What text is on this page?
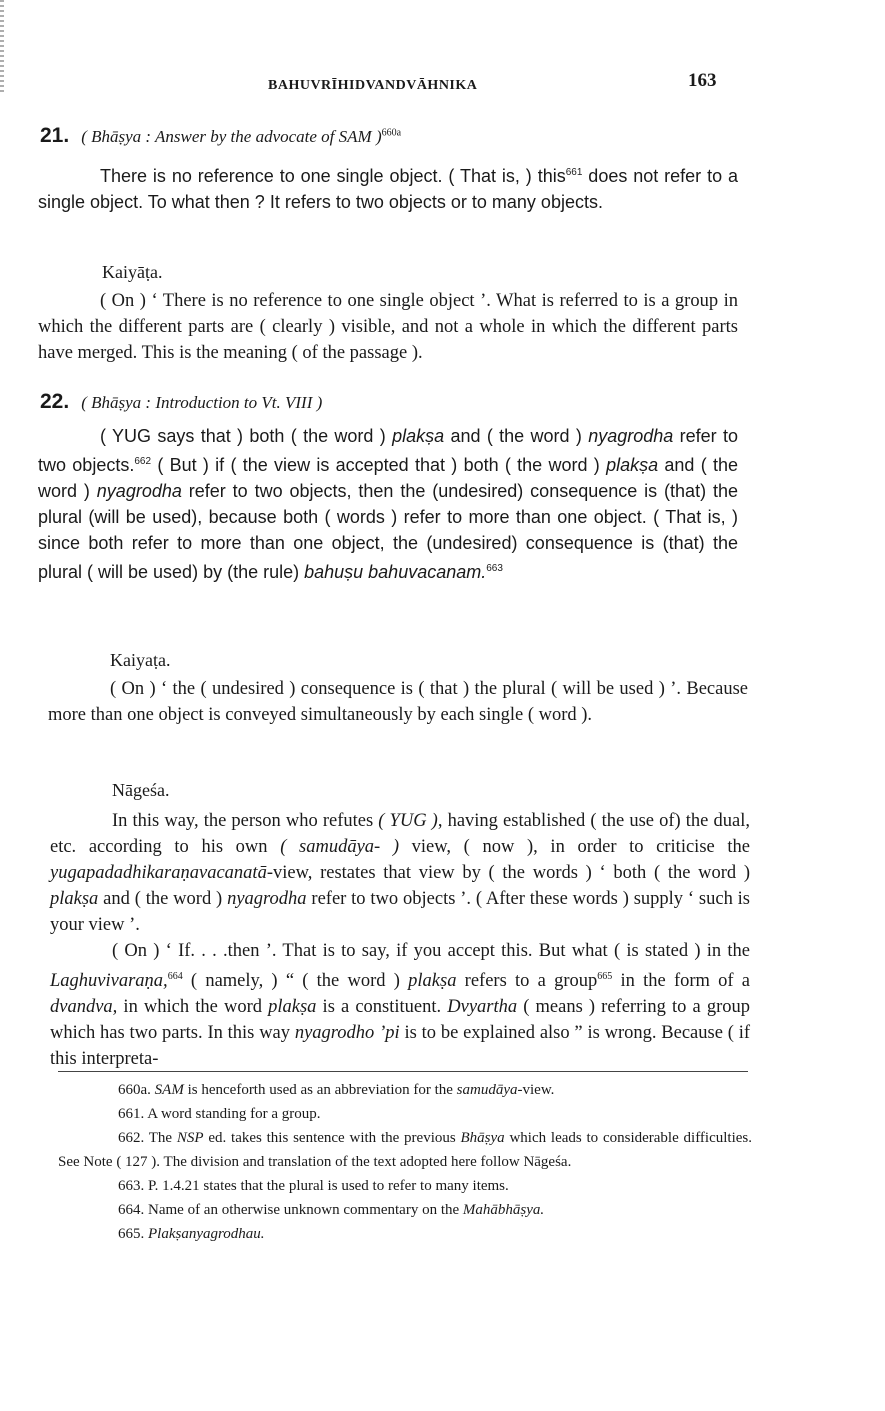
BAHUVRĪHIDVANDVĀHNIKA	163
21. ( Bhāṣya : Answer by the advocate of SAM )$^{660a}$

There is no reference to one single object. ( That is, ) this$^{661}$ does not refer to a single object. To what then ? It refers to two objects or to many objects.

Kaiyāṭa.

( On ) ‘ There is no reference to one single object ’. What is referred to is a group in which the different parts are ( clearly ) visible, and not a whole in which the different parts have merged. This is the meaning ( of the passage ).

22. ( Bhāṣya : Introduction to Vt. VIII )

( YUG says that ) both ( the word ) plakṣa and ( the word ) nyagrodha refer to two objects.$^{662}$ ( But ) if ( the view is accepted that ) both ( the word ) plakṣa and ( the word ) nyagrodha refer to two objects, then the (undesired) consequence is (that) the plural (will be used), because both ( words ) refer to more than one object. ( That is, ) since both refer to more than one object, the (undesired) consequence is (that) the plural ( will be used) by (the rule) bahuṣu bahuvacanam.$^{663}$

Kaiyaṭa.

( On ) ‘ the ( undesired ) consequence is ( that ) the plural ( will be used ) ’. Because more than one object is conveyed simultaneously by each single ( word ).

Nāgeśa.

In this way, the person who refutes ( YUG ), having established ( the use of) the dual, etc. according to his own ( samudāya- ) view, ( now ), in order to criticise the yugapadadhikaraṇavacanatā-view, restates that view by ( the words ) ‘ both ( the word ) plakṣa and ( the word ) nyagrodha refer to two objects ’. ( After these words ) supply ‘ such is your view ’.

( On ) ‘ If. . . .then ’. That is to say, if you accept this. But what ( is stated ) in the Laghuvivaraṇa,$^{664}$ ( namely, ) “ ( the word ) plakṣa refers to a group$^{665}$ in the form of a dvandva, in which the word plakṣa is a constituent. Dvyartha ( means ) referring to a group which has two parts. In this way nyagrodho ’pi is to be explained also ” is wrong. Because ( if this interpreta-

660a. SAM is henceforth used as an abbreviation for the samudāya-view.

661. A word standing for a group.

662. The NSP ed. takes this sentence with the previous Bhāṣya which leads to considerable difficulties. See Note ( 127 ). The division and translation of the text adopted here follow Nāgeśa.

663. P. 1.4.21 states that the plural is used to refer to many items.

664. Name of an otherwise unknown commentary on the Mahābhāṣya.

665. Plakṣanyagrodhau.
